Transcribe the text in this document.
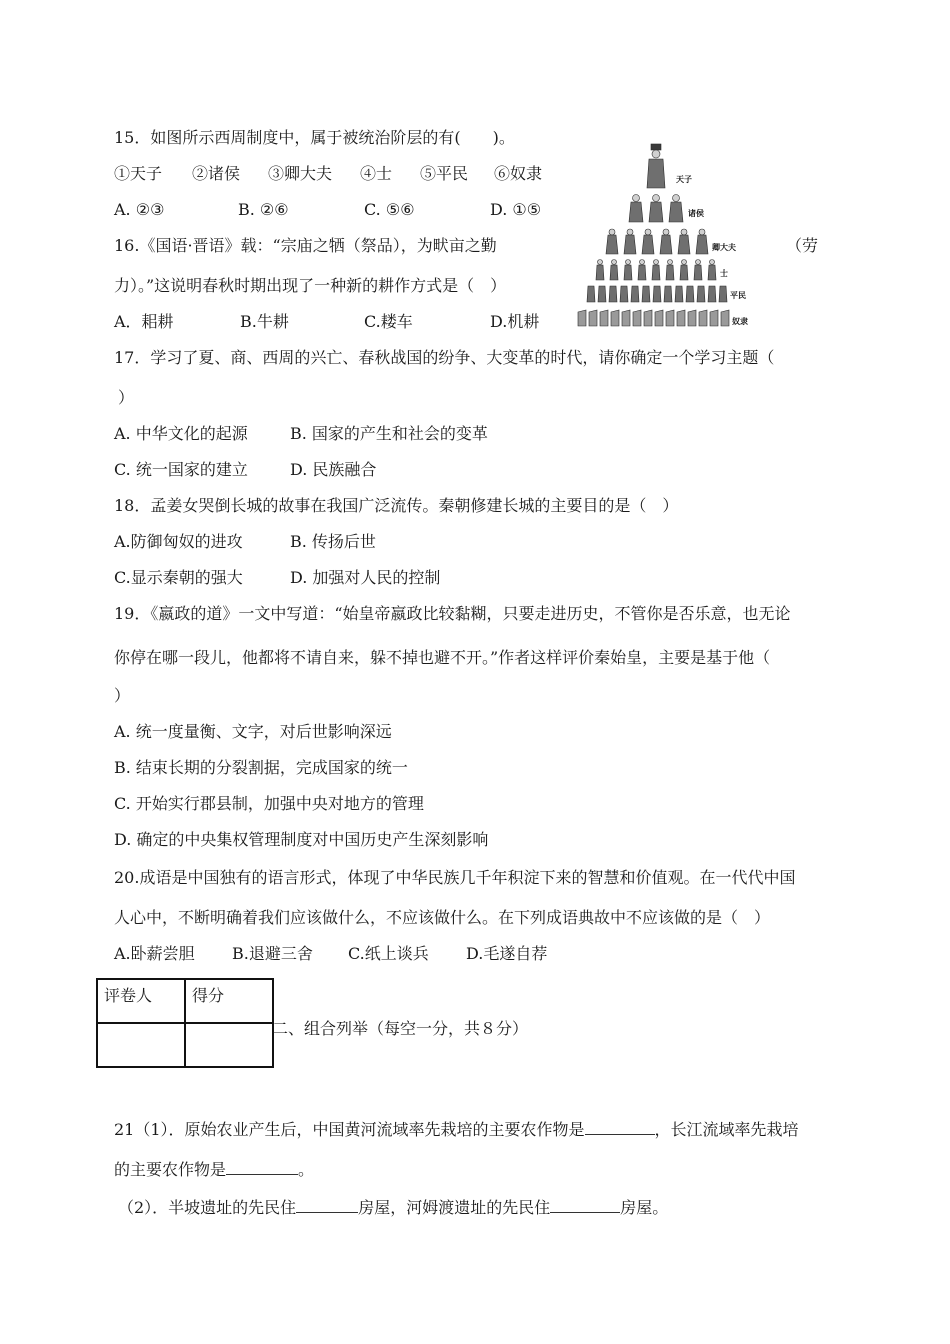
15．如图所示西周制度中，属于被统治阶层的有(　　)。
①天子 ②诸侯 ③卿大夫 ④士 ⑤平民 ⑥奴隶
A. ②③	B. ②⑥	C. ⑤⑥	D. ①⑤
天子
诸侯
卿大夫
士
平民
奴隶
16.《国语·晋语》载：“宗庙之牺（祭品），为畎亩之勤	（劳
力）。”这说明春秋时期出现了一种新的耕作方式是（　）
A．耜耕	B.牛耕	C.耧车	D.机耕
17．学习了夏、商、西周的兴亡、春秋战国的纷争、大变革的时代，请你确定一个学习主题（
）
A. 中华文化的起源	B. 国家的产生和社会的变革
C. 统一国家的建立	D. 民族融合
18．孟姜女哭倒长城的故事在我国广泛流传。秦朝修建长城的主要目的是（　）
A.防御匈奴的进攻	B. 传扬后世
C.显示秦朝的强大	D. 加强对人民的控制
19．《嬴政的道》一文中写道：“始皇帝嬴政比较黏糊，只要走进历史，不管你是否乐意，也无论
你停在哪一段儿，他都将不请自来，躲不掉也避不开。”作者这样评价秦始皇，主要是基于他（
）
A. 统一度量衡、文字，对后世影响深远
B. 结束长期的分裂割据，完成国家的统一
C. 开始实行郡县制，加强中央对地方的管理
D. 确定的中央集权管理制度对中国历史产生深刻影响
20.成语是中国独有的语言形式，体现了中华民族几千年积淀下来的智慧和价值观。在一代代中国
人心中，不断明确着我们应该做什么，不应该做什么。在下列成语典故中不应该做的是（　）
A.卧薪尝胆 B.退避三舍 C.纸上谈兵 D.毛遂自荐
评卷人	得分

二、组合列举（每空一分，共８分）
21（1）．原始农业产生后，中国黄河流域率先栽培的主要农作物是	，长江流域率先栽培
的主要农作物是	。
（2）．半坡遗址的先民住	房屋，河姆渡遗址的先民住	房屋。
